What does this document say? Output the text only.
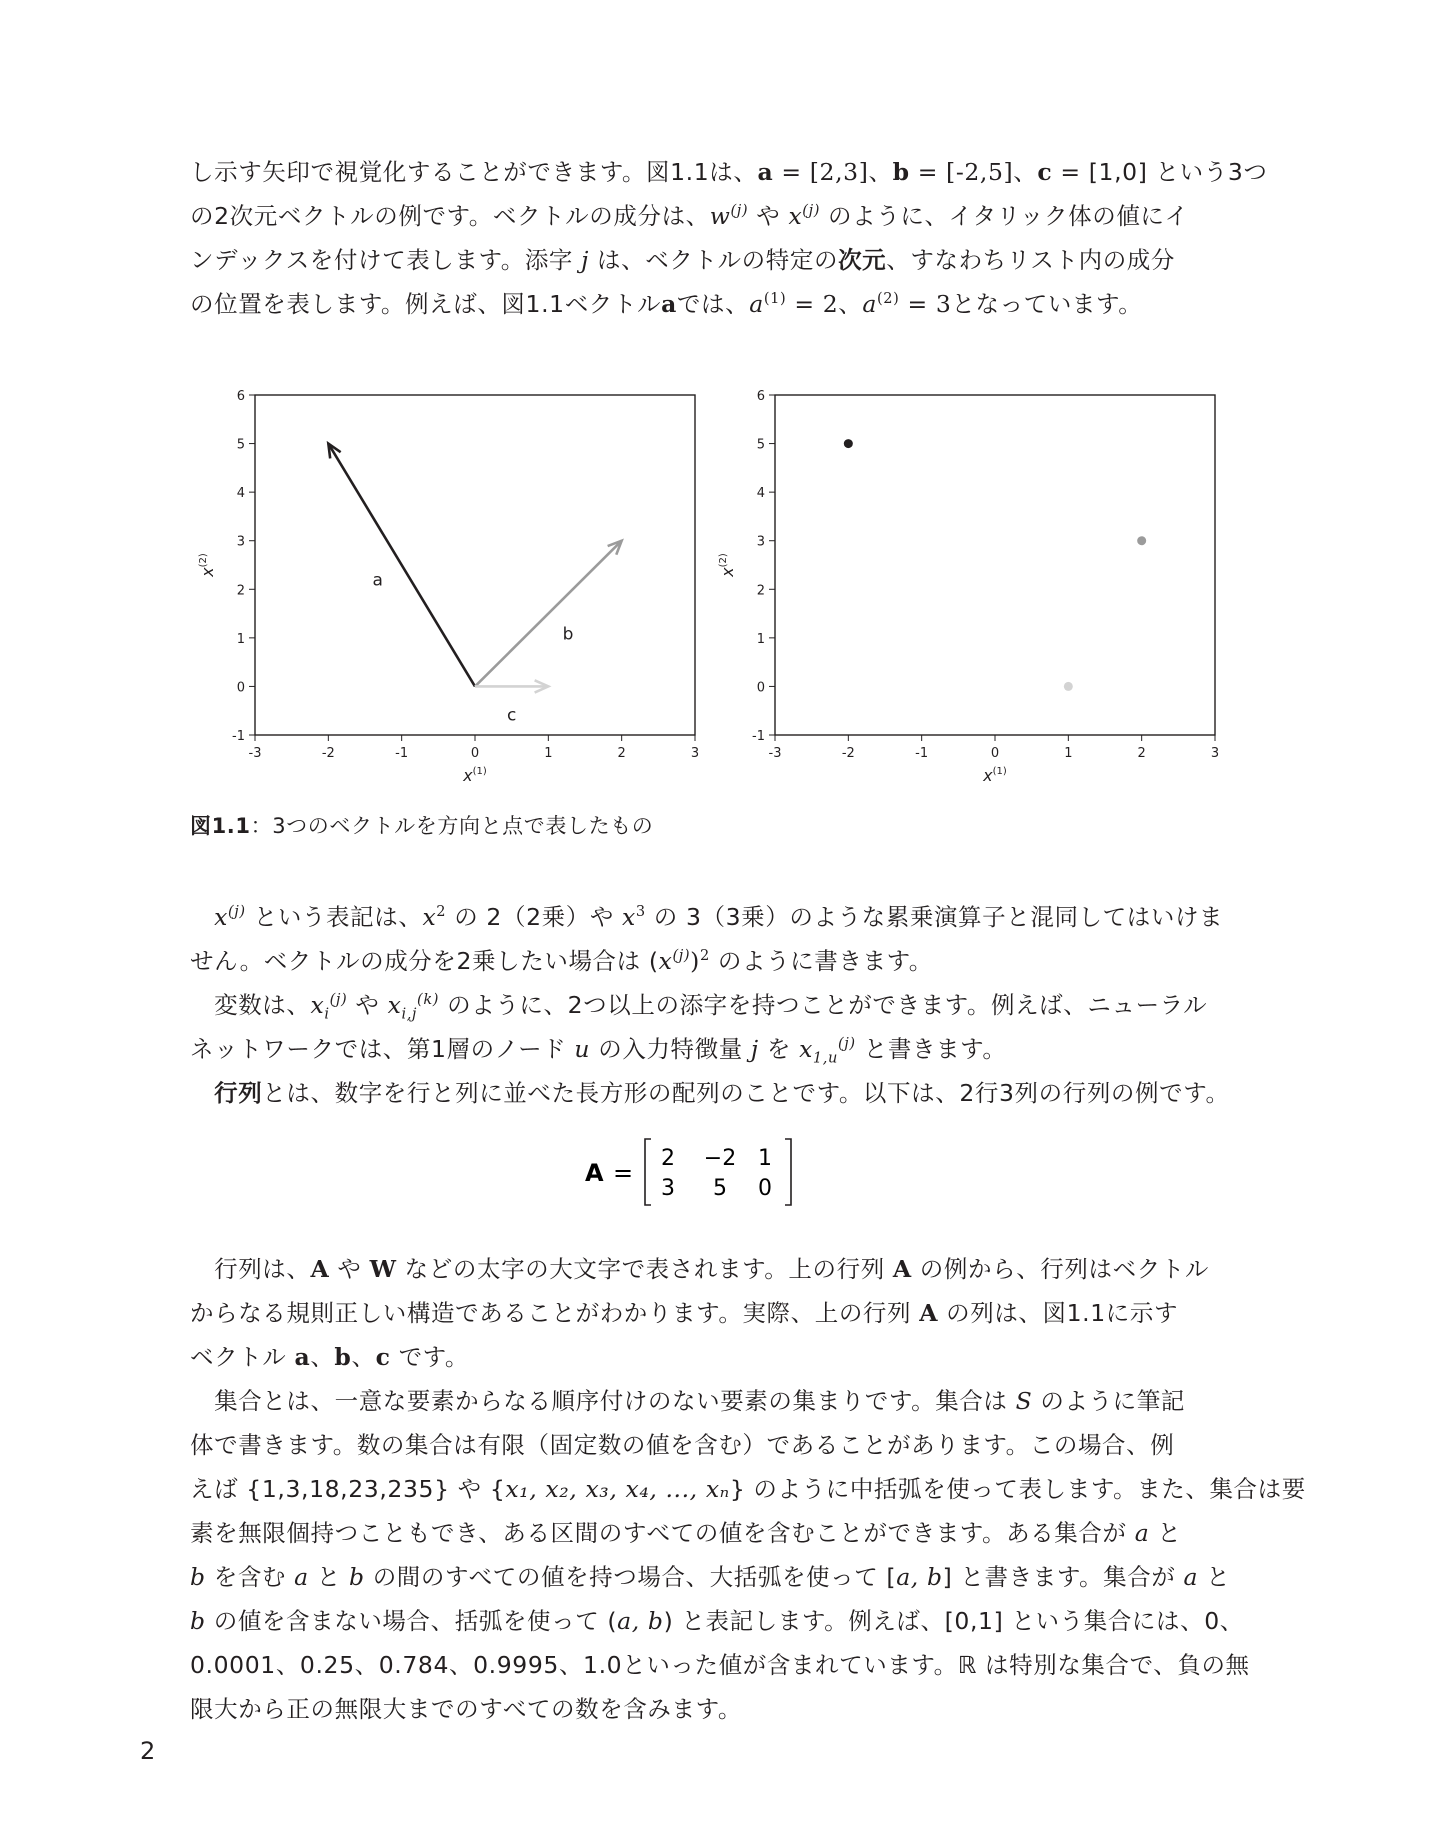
し示す矢印で視覚化することができます。図1.1は、a = [2,3]、b = [-2,5]、c = [1,0] という3つ
の2次元ベクトルの例です。ベクトルの成分は、$w^{(j)}$ や $x^{(j)}$ のように、イタリック体の値にイ
ンデックスを付けて表します。添字 j は、ベクトルの特定の次元、すなわちリスト内の成分
の位置を表します。例えば、図1.1ベクトルaでは、$a^{(1)} = 2$、$a^{(2)} = 3$となっています。
-3	-2	-1	0	1	2	3
-1
0
1
2
3
4
5
6
$x^{(1)}$
$x^{(2)}$
a
b
c
-3	-2	-1	0	1	2	3
-1
0
1
2
3
4
5
6
$x^{(1)}$
$x^{(2)}$
図1.1：3つのベクトルを方向と点で表したもの
　$x^{(j)}$ という表記は、$x^2$ の 2（2乗）や $x^3$ の 3（3乗）のような累乗演算子と混同してはいけま
せん。ベクトルの成分を2乗したい場合は $(x^{(j)})^2$ のように書きます。
　変数は、$x_i^{(j)}$ や $x_{i,j}^{(k)}$ のように、2つ以上の添字を持つことができます。例えば、ニューラル
ネットワークでは、第1層のノード u の入力特徴量 j を $x_{1,u}^{(j)}$ と書きます。
　行列とは、数字を行と列に並べた長方形の配列のことです。以下は、2行3列の行列の例です。
A =
2 −2 1
3 5 0
　行列は、A や W などの太字の大文字で表されます。上の行列 A の例から、行列はベクトル
からなる規則正しい構造であることがわかります。実際、上の行列 A の列は、図1.1に示す
ベクトル a、b、c です。
　集合とは、一意な要素からなる順序付けのない要素の集まりです。集合は S のように筆記
体で書きます。数の集合は有限（固定数の値を含む）であることがあります。この場合、例
えば {1,3,18,23,235} や {x₁, x₂, x₃, x₄, ..., xₙ} のように中括弧を使って表します。また、集合は要
素を無限個持つこともでき、ある区間のすべての値を含むことができます。ある集合が a と
b を含む a と b の間のすべての値を持つ場合、大括弧を使って [a, b] と書きます。集合が a と
b の値を含まない場合、括弧を使って (a, b) と表記します。例えば、[0,1] という集合には、0、
0.0001、0.25、0.784、0.9995、1.0といった値が含まれています。ℝ は特別な集合で、負の無
限大から正の無限大までのすべての数を含みます。
2
